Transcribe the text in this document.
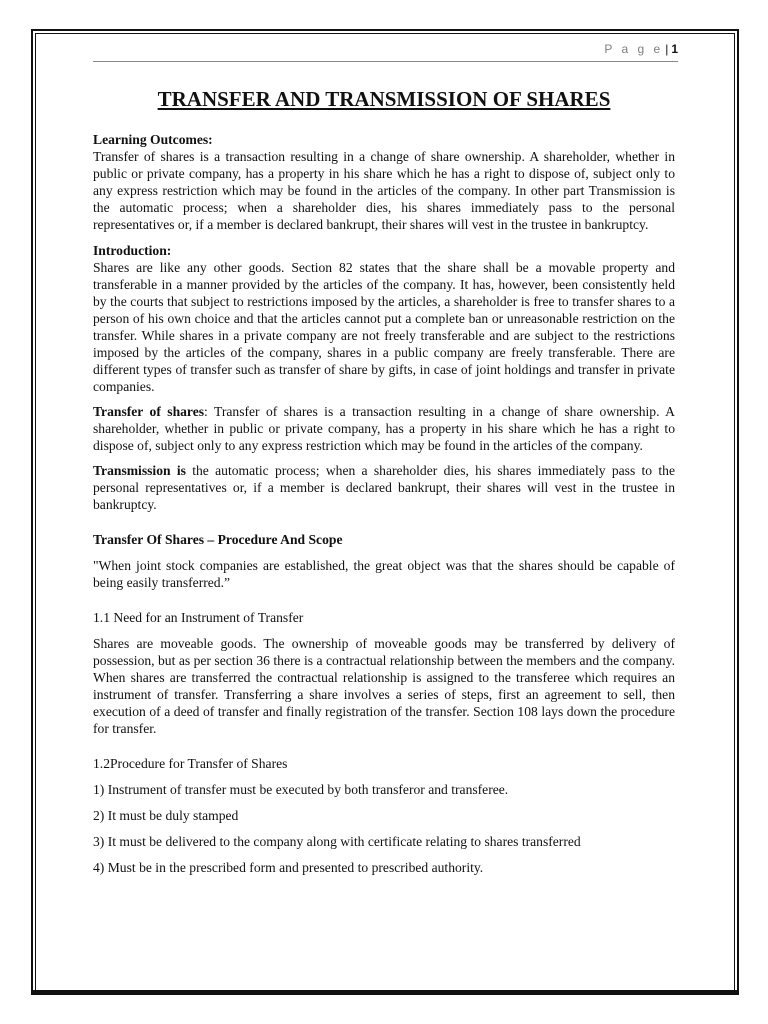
P a g e | 1
TRANSFER AND TRANSMISSION OF SHARES
Learning Outcomes:

Transfer of shares is a transaction resulting in a change of share ownership. A shareholder, whether in public or private company, has a property in his share which he has a right to dispose of, subject only to any express restriction which may be found in the articles of the company. In other part Transmission is the automatic process; when a shareholder dies, his shares immediately pass to the personal representatives or, if a member is declared bankrupt, their shares will vest in the trustee in bankruptcy.

Introduction:

Shares are like any other goods. Section 82 states that the share shall be a movable property and transferable in a manner provided by the articles of the company. It has, however, been consistently held by the courts that subject to restrictions imposed by the articles, a shareholder is free to transfer shares to a person of his own choice and that the articles cannot put a complete ban or unreasonable restriction on the transfer. While shares in a private company are not freely transferable and are subject to the restrictions imposed by the articles of the company, shares in a public company are freely transferable. There are different types of transfer such as transfer of share by gifts, in case of joint holdings and transfer in private companies.

Transfer of shares: Transfer of shares is a transaction resulting in a change of share ownership. A shareholder, whether in public or private company, has a property in his share which he has a right to dispose of, subject only to any express restriction which may be found in the articles of the company.

Transmission is the automatic process; when a shareholder dies, his shares immediately pass to the personal representatives or, if a member is declared bankrupt, their shares will vest in the trustee in bankruptcy.

Transfer Of Shares – Procedure And Scope

"When joint stock companies are established, the great object was that the shares should be capable of being easily transferred.”

1.1 Need for an Instrument of Transfer

Shares are moveable goods. The ownership of moveable goods may be transferred by delivery of possession, but as per section 36 there is a contractual relationship between the members and the company. When shares are transferred the contractual relationship is assigned to the transferee which requires an instrument of transfer. Transferring a share involves a series of steps, first an agreement to sell, then execution of a deed of transfer and finally registration of the transfer. Section 108 lays down the procedure for transfer.

1.2Procedure for Transfer of Shares
1) Instrument of transfer must be executed by both transferor and transferee.
2) It must be duly stamped
3) It must be delivered to the company along with certificate relating to shares transferred
4) Must be in the prescribed form and presented to prescribed authority.
